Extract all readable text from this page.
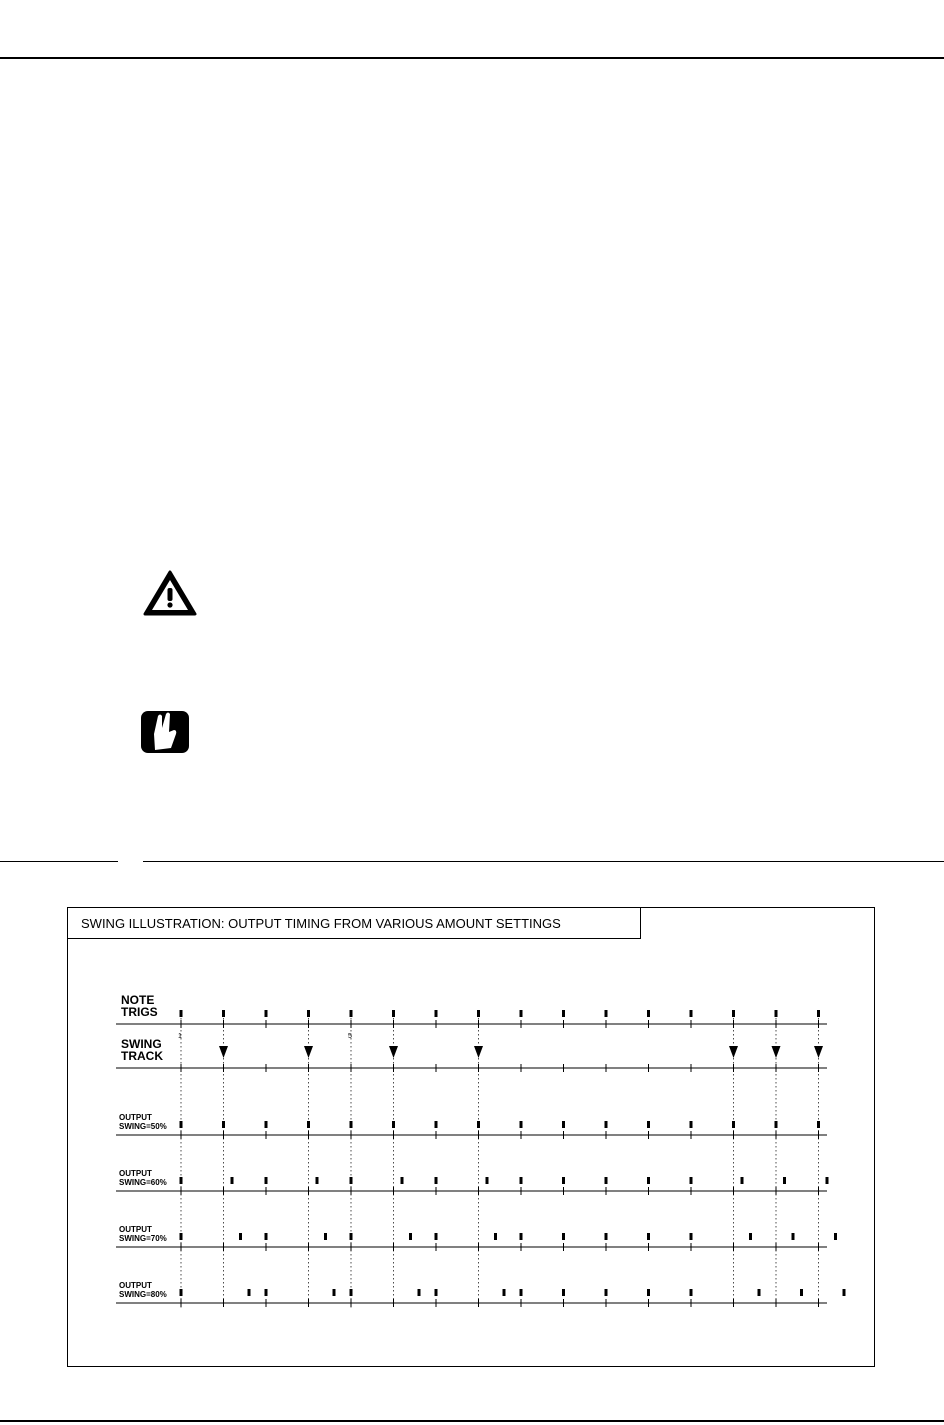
SWING ILLUSTRATION: OUTPUT TIMING FROM VARIOUS AMOUNT SETTINGS
NOTE
TRIGS
SWING
TRACK
OUTPUT
SWING=50%
OUTPUT
SWING=60%
OUTPUT
SWING=70%
OUTPUT
SWING=80%
1	5
